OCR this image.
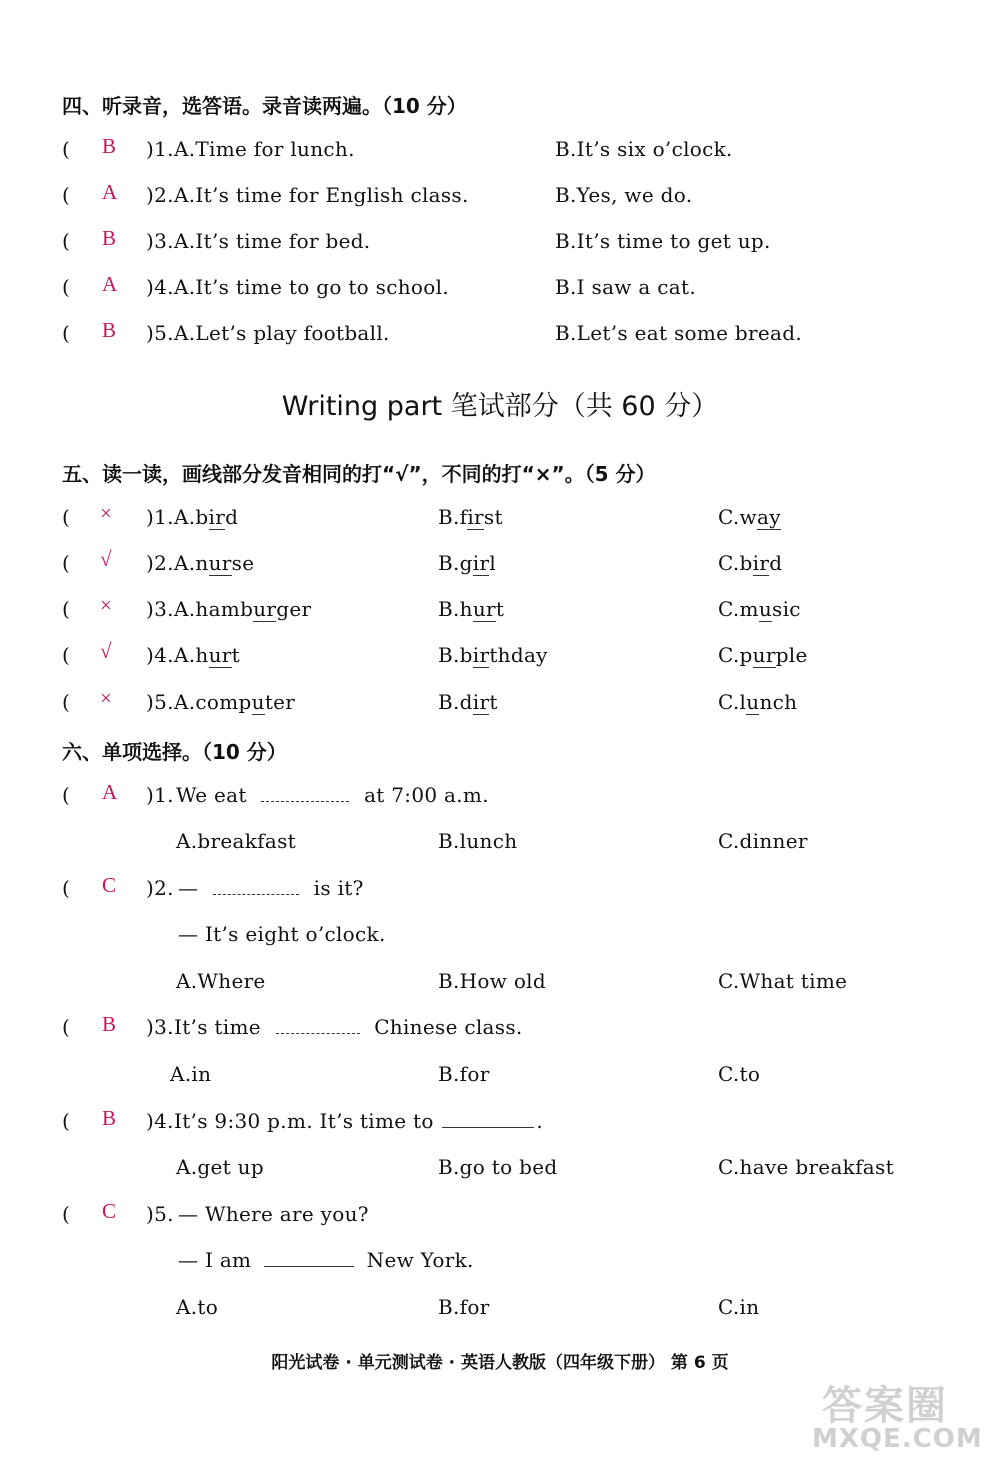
四、听录音，选答语。录音读两遍。（10 分）
( B )1. A.Time for lunch.	B.It’s six o’clock.
( A )2. A.It’s time for English class.	B.Yes, we do.
( B )3. A.It’s time for bed.	B.It’s time to get up.
( A )4. A.It’s time to go to school.	B.I saw a cat.
( B )5. A.Let’s play football.	B.Let’s eat some bread.
Writing part 笔试部分（共 60 分）
五、读一读，画线部分发音相同的打“√”，不同的打“×”。（5 分）
( × )1. A.bird	B.first	C.way
( √ )2. A.nurse	B.girl	C.bird
( × )3. A.hamburger	B.hurt	C.music
( √ )4. A.hurt	B.birthday	C.purple
( × )5. A.computer	B.dirt	C.lunch
六、单项选择。（10 分）
( A )1. We eat	at 7:00 a.m.
A.breakfast	B.lunch	C.dinner
( C )2. —	is it?
— It’s eight o’clock.
A.Where	B.How old	C.What time
( B )3. It’s time	Chinese class.
A.in	B.for	C.to
( B )4. It’s 9:30 p.m. It’s time to	.
A.get up	B.go to bed	C.have breakfast
( C )5. — Where are you?
— I am	New York.
A.to	B.for	C.in
阳光试卷 · 单元测试卷 · 英语人教版（四年级下册） 第 6 页
答案圈
MXQE.COM
